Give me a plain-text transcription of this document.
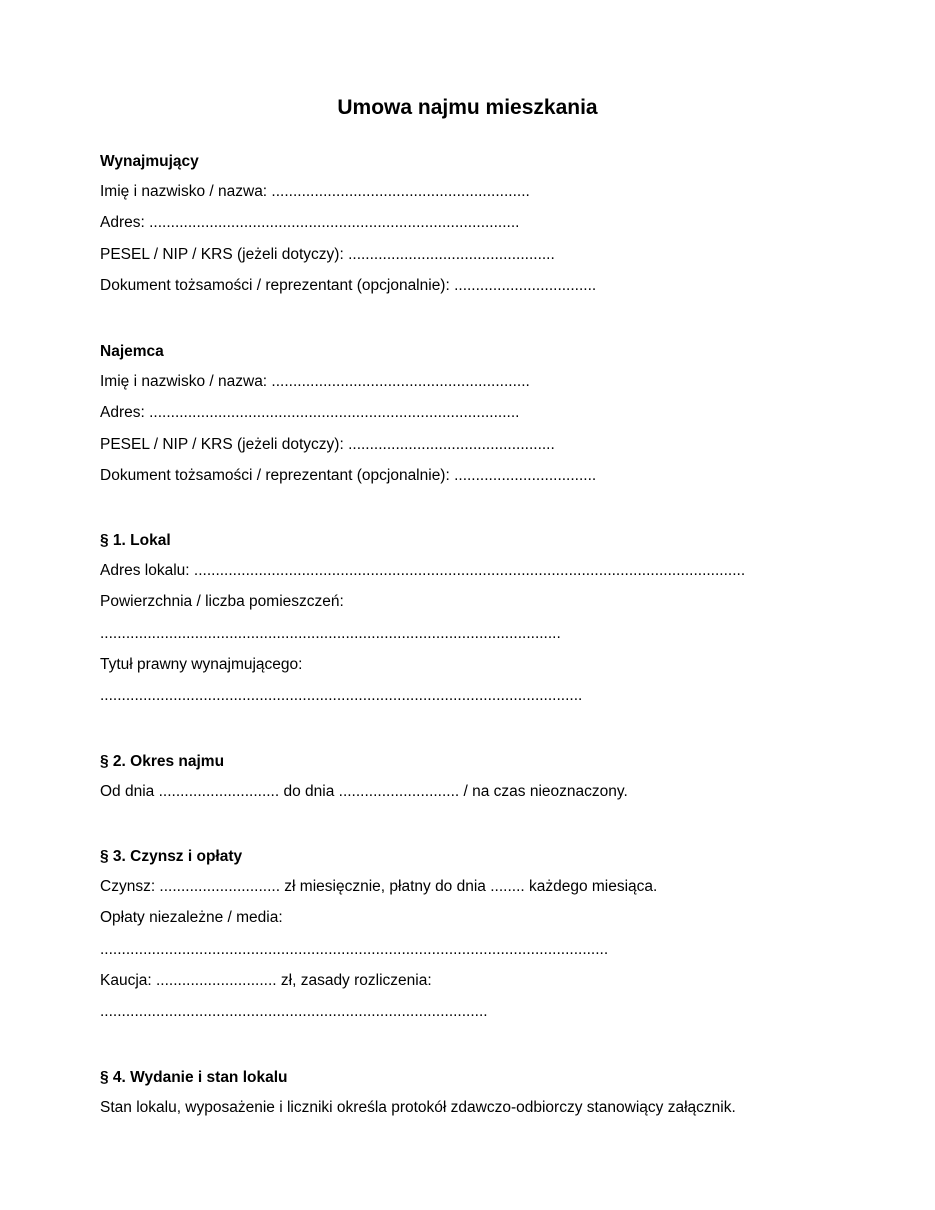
Umowa najmu mieszkania
Wynajmujący
Imię i nazwisko / nazwa: ............................................................
Adres: ......................................................................................
PESEL / NIP / KRS (jeżeli dotyczy): ................................................
Dokument tożsamości / reprezentant (opcjonalnie): .................................
Najemca
Imię i nazwisko / nazwa: ............................................................
Adres: ......................................................................................
PESEL / NIP / KRS (jeżeli dotyczy): ................................................
Dokument tożsamości / reprezentant (opcjonalnie): .................................
§ 1. Lokal
Adres lokalu: ................................................................................................................................
Powierzchnia / liczba pomieszczeń:
...........................................................................................................
Tytuł prawny wynajmującego:
................................................................................................................
§ 2. Okres najmu
Od dnia ............................ do dnia ............................ / na czas nieoznaczony.
§ 3. Czynsz i opłaty
Czynsz: ............................ zł miesięcznie, płatny do dnia ........ każdego miesiąca.
Opłaty niezależne / media:
......................................................................................................................
Kaucja: ............................ zł, zasady rozliczenia:
..........................................................................................
§ 4. Wydanie i stan lokalu
Stan lokalu, wyposażenie i liczniki określa protokół zdawczo-odbiorczy stanowiący załącznik.
